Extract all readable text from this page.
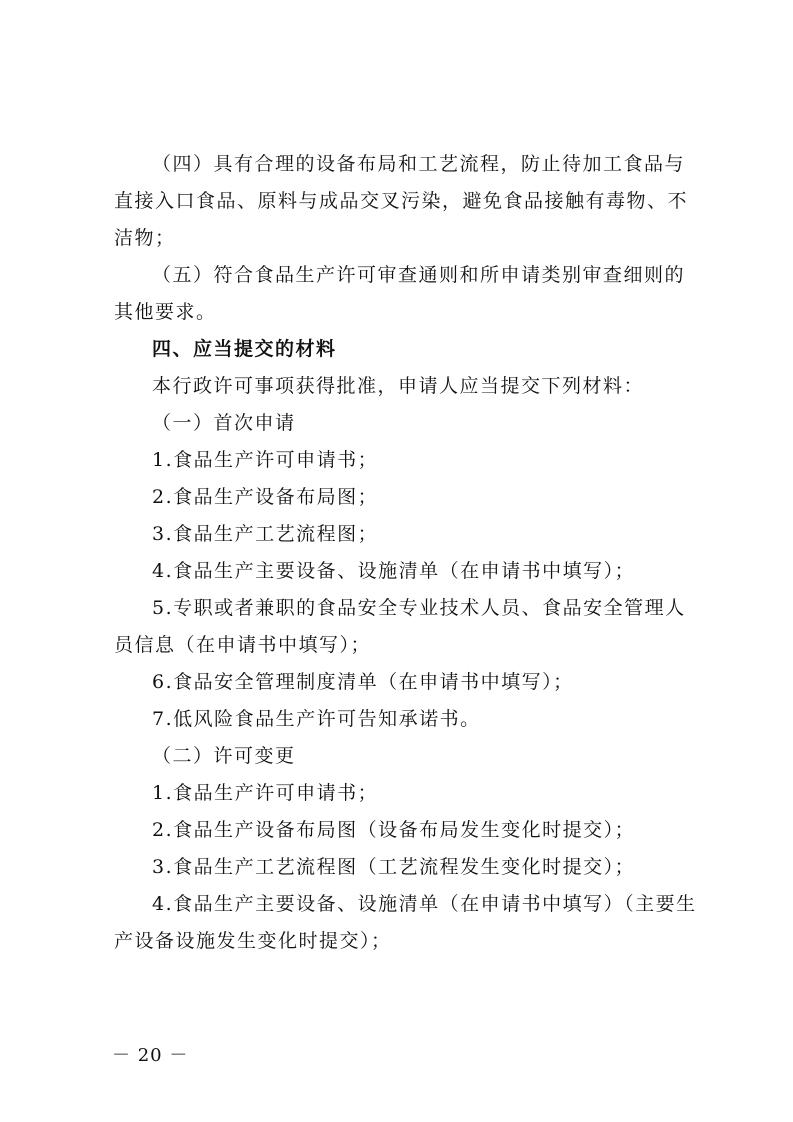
（四）具有合理的设备布局和工艺流程，防止待加工食品与
直接入口食品、原料与成品交叉污染，避免食品接触有毒物、不
洁物；
（五）符合食品生产许可审查通则和所申请类别审查细则的
其他要求。
四、应当提交的材料
本行政许可事项获得批准，申请人应当提交下列材料：
（一）首次申请
1.食品生产许可申请书；
2.食品生产设备布局图；
3.食品生产工艺流程图；
4.食品生产主要设备、设施清单（在申请书中填写）；
5.专职或者兼职的食品安全专业技术人员、食品安全管理人
员信息（在申请书中填写）；
6.食品安全管理制度清单（在申请书中填写）；
7.低风险食品生产许可告知承诺书。
（二）许可变更
1.食品生产许可申请书；
2.食品生产设备布局图（设备布局发生变化时提交）；
3.食品生产工艺流程图（工艺流程发生变化时提交）；
4.食品生产主要设备、设施清单（在申请书中填写）（主要生
产设备设施发生变化时提交）；
－ 20 －
